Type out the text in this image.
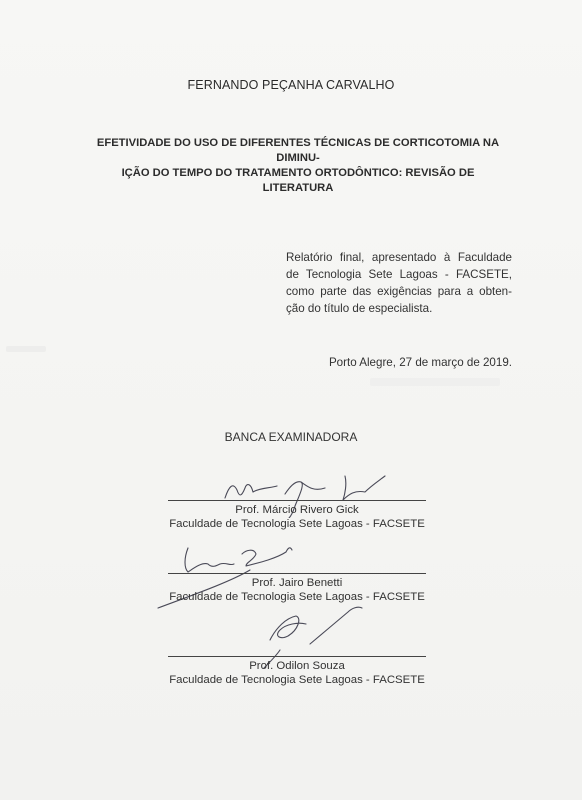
FERNANDO PEÇANHA CARVALHO
EFETIVIDADE DO USO DE DIFERENTES TÉCNICAS DE CORTICOTOMIA NA DIMINU-
IÇÃO DO TEMPO DO TRATAMENTO ORTODÔNTICO: REVISÃO DE LITERATURA
Relatório final, apresentado à Faculdade
de Tecnologia Sete Lagoas - FACSETE,
como parte das exigências para a obten-
ção do título de especialista.
Porto Alegre, 27 de março de 2019.
BANCA EXAMINADORA
Prof. Márcio Rivero Gick
Faculdade de Tecnologia Sete Lagoas - FACSETE
Prof. Jairo Benetti
Faculdade de Tecnologia Sete Lagoas - FACSETE
Prof. Odilon Souza
Faculdade de Tecnologia Sete Lagoas - FACSETE
